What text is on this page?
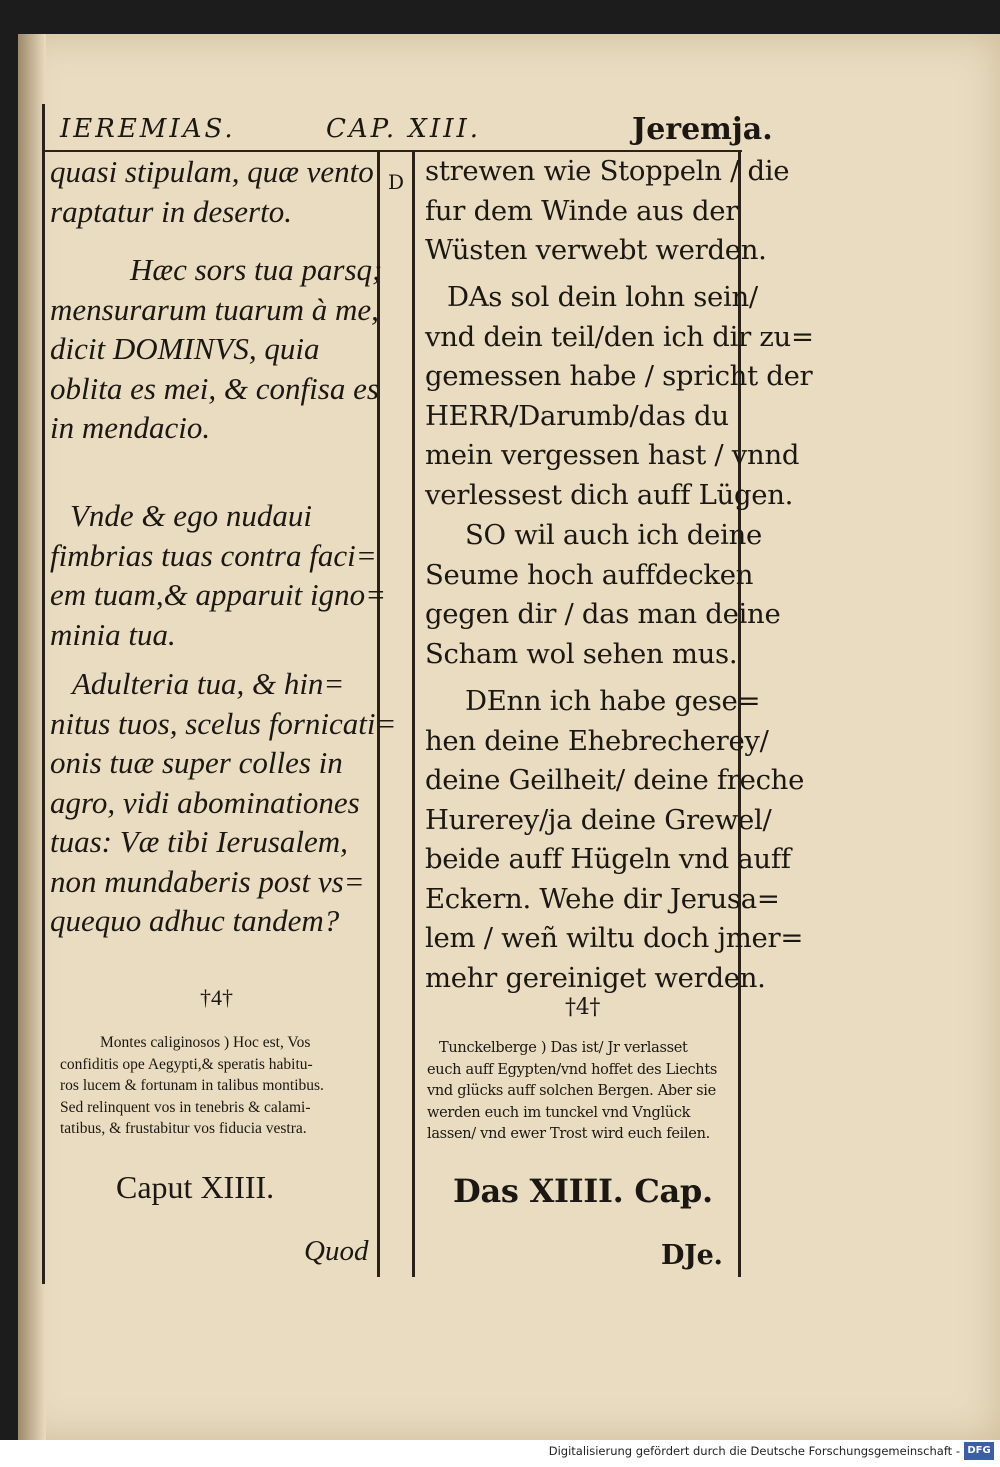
IEREMIAS.	CAP. XIII.	Jeremja.
D
quasi stipulam, quæ vento
raptatur in deserto.
Hæc sors tua parsq;
mensurarum tuarum à me,
dicit DOMINVS, quia
oblita es mei, & confisa es
in mendacio.
Vnde & ego nudaui
fimbrias tuas contra faci=
em tuam,& apparuit igno=
minia tua.
Adulteria tua, & hin=
nitus tuos, scelus fornicati=
onis tuæ super colles in
agro, vidi abominationes
tuas: Væ tibi Ierusalem,
non mundaberis post vs=
quequo adhuc tandem?
†4†
Montes caliginosos ) Hoc est, Vos
confiditis ope Aegypti,& speratis habitu-
ros lucem & fortunam in talibus montibus.
Sed relinquent vos in tenebris & calami-
tatibus, & frustabitur vos fiducia vestra.
Caput XIIII.
Quod
strewen wie Stoppeln / die
fur dem Winde aus der
Wüsten verwebt werden.
DAs sol dein lohn sein/
vnd dein teil/den ich dir zu=
gemessen habe / spricht der
HERR/Darumb/das du
mein vergessen hast / vnnd
verlessest dich auff Lügen.
SO wil auch ich deine
Seume hoch auffdecken
gegen dir / das man deine
Scham wol sehen mus.
DEnn ich habe gese=
hen deine Ehebrecherey/
deine Geilheit/ deine freche
Hurerey/ja deine Grewel/
beide auff Hügeln vnd auff
Eckern. Wehe dir Jerusa=
lem / weñ wiltu doch jmer=
mehr gereiniget werden.
†4†
Tunckelberge ) Das ist/ Jr verlasset
euch auff Egypten/vnd hoffet des Liechts
vnd glücks auff solchen Bergen. Aber sie
werden euch im tunckel vnd Vnglück
lassen/ vnd ewer Trost wird euch feilen.
Das XIIII. Cap.
DJe.
Digitalisierung gefördert durch die Deutsche Forschungsgemeinschaft - DFG
